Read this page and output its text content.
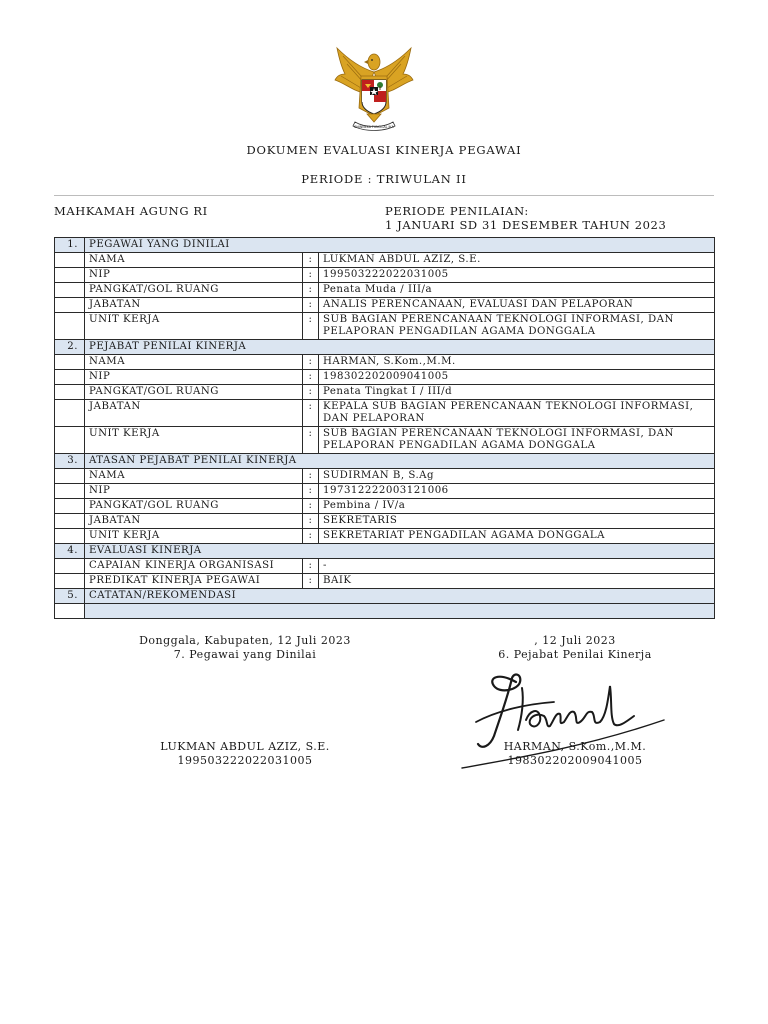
BHINNEKA TUNGGAL IKA
DOKUMEN EVALUASI KINERJA PEGAWAI
PERIODE : TRIWULAN II
MAHKAMAH AGUNG RI	PERIODE PENILAIAN:
1 JANUARI SD 31 DESEMBER TAHUN 2023
1.	PEGAWAI YANG DINILAI		
	NAMA	:	LUKMAN ABDUL AZIZ, S.E.
	NIP	:	199503222022031005
	PANGKAT/GOL RUANG	:	Penata Muda / III/a
	JABATAN	:	ANALIS PERENCANAAN, EVALUASI DAN PELAPORAN
	UNIT KERJA	:	SUB BAGIAN PERENCANAAN TEKNOLOGI INFORMASI, DAN PELAPORAN PENGADILAN AGAMA DONGGALA
2.	PEJABAT PENILAI KINERJA		
	NAMA	:	HARMAN, S.Kom.,M.M.
	NIP	:	198302202009041005
	PANGKAT/GOL RUANG	:	Penata Tingkat I / III/d
	JABATAN	:	KEPALA SUB BAGIAN PERENCANAAN TEKNOLOGI INFORMASI, DAN PELAPORAN
	UNIT KERJA	:	SUB BAGIAN PERENCANAAN TEKNOLOGI INFORMASI, DAN PELAPORAN PENGADILAN AGAMA DONGGALA
3.	ATASAN PEJABAT PENILAI KINERJA		
	NAMA	:	SUDIRMAN B, S.Ag
	NIP	:	197312222003121006
	PANGKAT/GOL RUANG	:	Pembina / IV/a
	JABATAN	:	SEKRETARIS
	UNIT KERJA	:	SEKRETARIAT PENGADILAN AGAMA DONGGALA
4.	EVALUASI KINERJA		
	CAPAIAN KINERJA ORGANISASI	:	-
	PREDIKAT KINERJA PEGAWAI	:	BAIK
5.	CATATAN/REKOMENDASI		

Donggala, Kabupaten, 12 Juli 2023
7. Pegawai yang Dinilai
LUKMAN ABDUL AZIZ, S.E.
199503222022031005
, 12 Juli 2023
6. Pejabat Penilai Kinerja
HARMAN, S.Kom.,M.M.
198302202009041005
